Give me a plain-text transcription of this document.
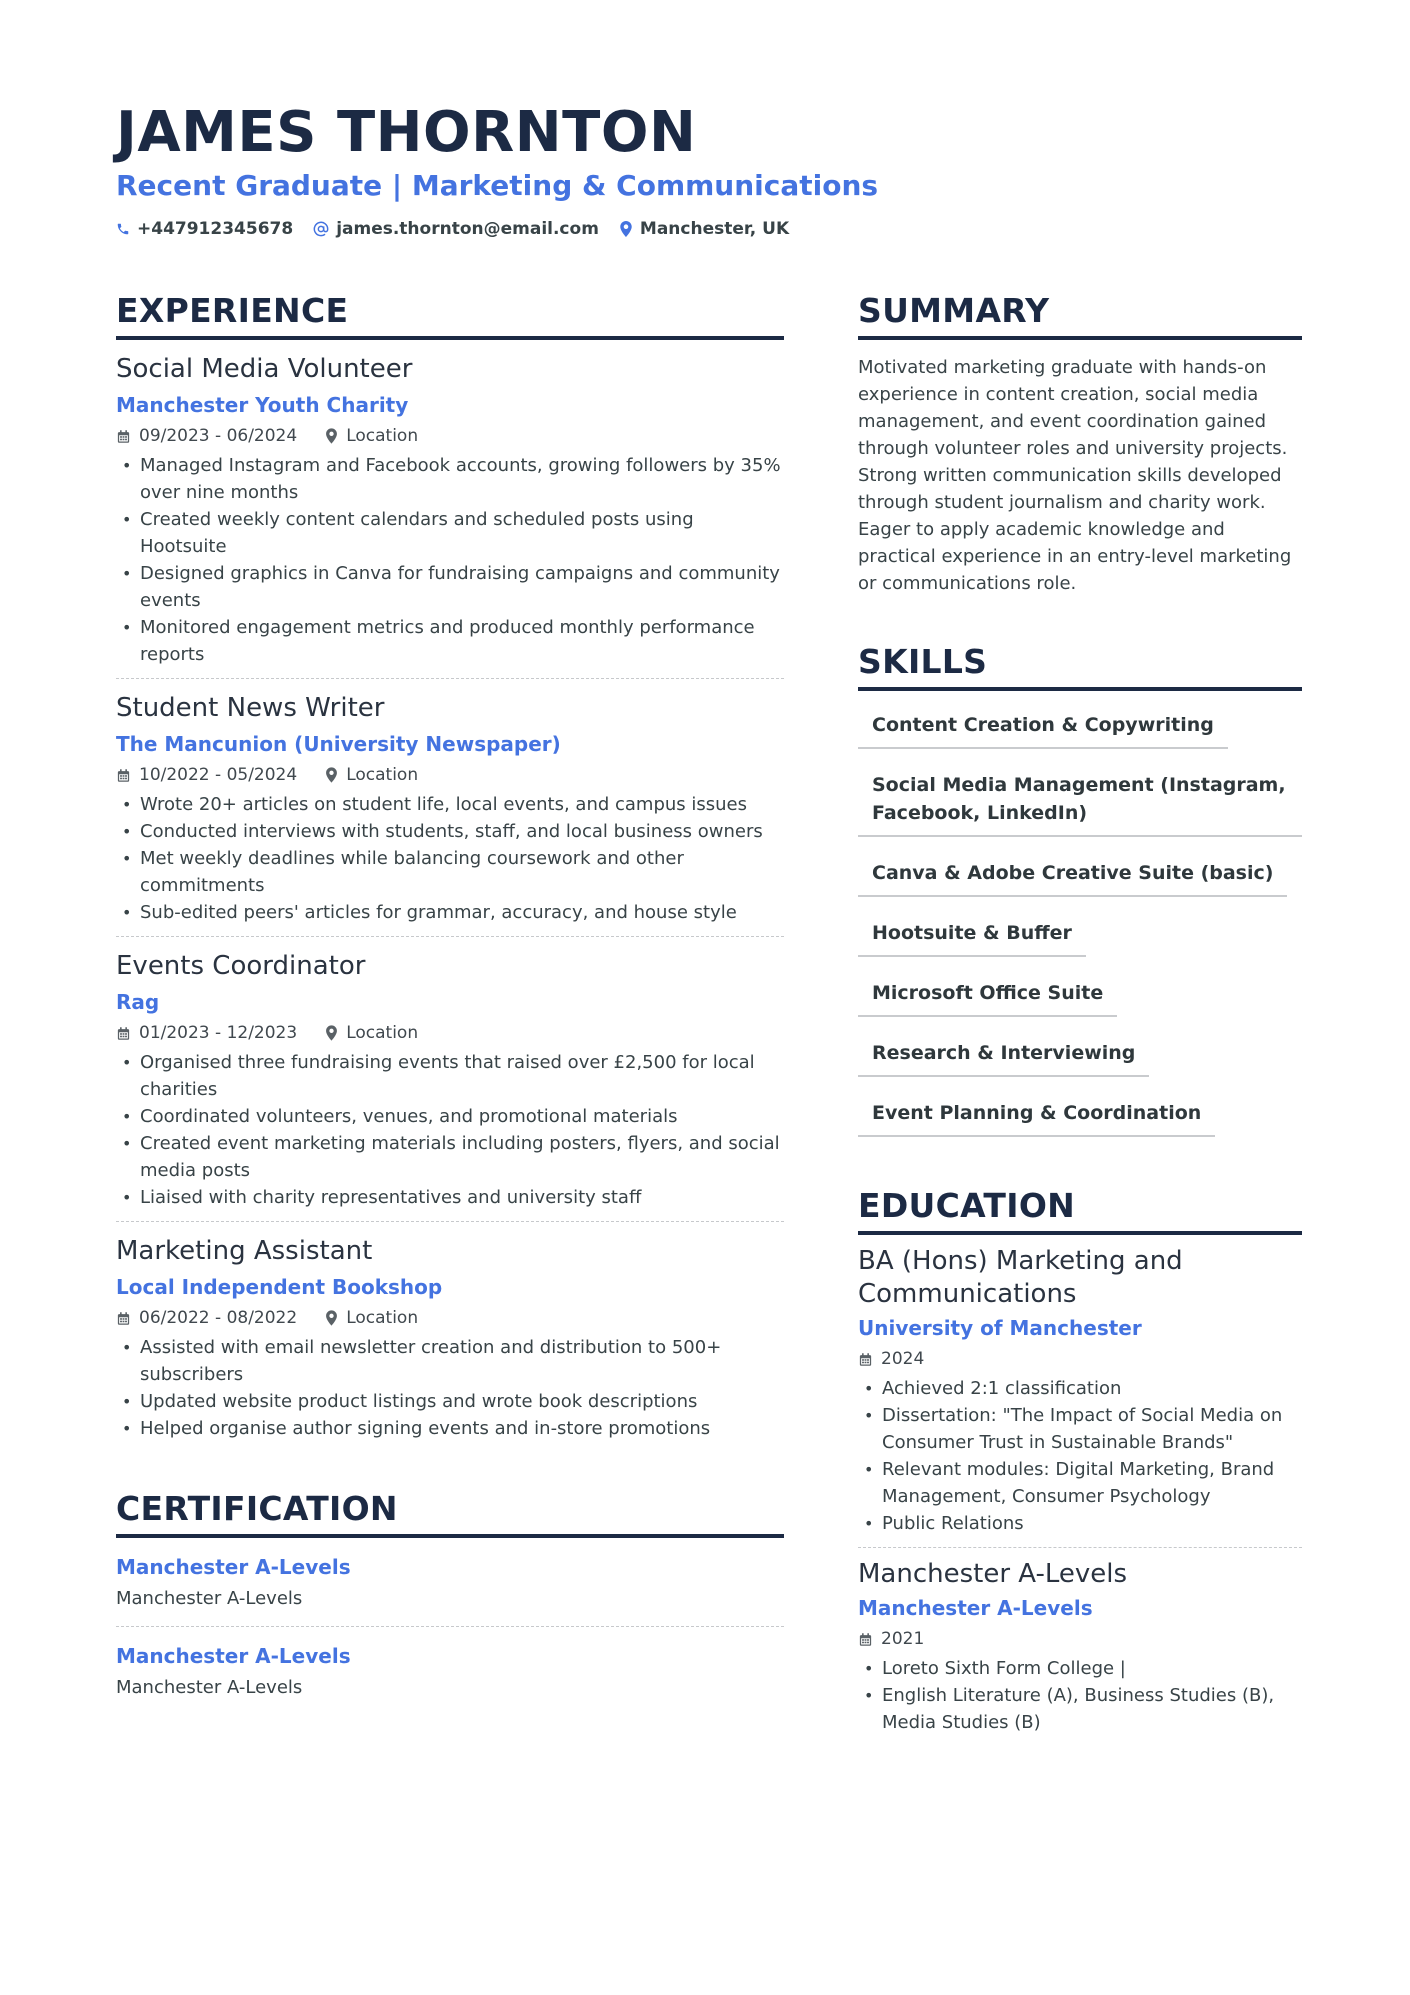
JAMES THORNTON
Recent Graduate | Marketing & Communications
+447912345678	james.thornton@email.com Manchester, UK
EXPERIENCE
Social Media Volunteer
Manchester Youth Charity
09/2023 - 06/2024	Location
• Managed Instagram and Facebook accounts, growing followers by 35% over nine months
• Created weekly content calendars and scheduled posts using Hootsuite
• Designed graphics in Canva for fundraising campaigns and community events
• Monitored engagement metrics and produced monthly performance reports
Student News Writer
The Mancunion (University Newspaper)
10/2022 - 05/2024	Location
• Wrote 20+ articles on student life, local events, and campus issues
• Conducted interviews with students, staff, and local business owners
• Met weekly deadlines while balancing coursework and other commitments
• Sub-edited peers' articles for grammar, accuracy, and house style
Events Coordinator
Rag
01/2023 - 12/2023	Location
• Organised three fundraising events that raised over £2,500 for local charities
• Coordinated volunteers, venues, and promotional materials
• Created event marketing materials including posters, flyers, and social media posts
• Liaised with charity representatives and university staff
Marketing Assistant
Local Independent Bookshop
06/2022 - 08/2022	Location
• Assisted with email newsletter creation and distribution to 500+ subscribers
• Updated website product listings and wrote book descriptions
• Helped organise author signing events and in-store promotions
CERTIFICATION
Manchester A-Levels
Manchester A-Levels
Manchester A-Levels
Manchester A-Levels
SUMMARY

Motivated marketing graduate with hands-on experience in content creation, social media management, and event coordination gained through volunteer roles and university projects. Strong written communication skills developed through student journalism and charity work. Eager to apply academic knowledge and practical experience in an entry-level marketing or communications role.

SKILLS
Content Creation & Copywriting
Social Media Management (Instagram, Facebook, LinkedIn)
Canva & Adobe Creative Suite (basic)
Hootsuite & Buffer
Microsoft Office Suite
Research & Interviewing
Event Planning & Coordination
EDUCATION
BA (Hons) Marketing and Communications
University of Manchester
2024
• Achieved 2:1 classification
• Dissertation: "The Impact of Social Media on Consumer Trust in Sustainable Brands"
• Relevant modules: Digital Marketing, Brand Management, Consumer Psychology
• Public Relations
Manchester A-Levels
Manchester A-Levels
2021
• Loreto Sixth Form College |
• English Literature (A), Business Studies (B), Media Studies (B)
